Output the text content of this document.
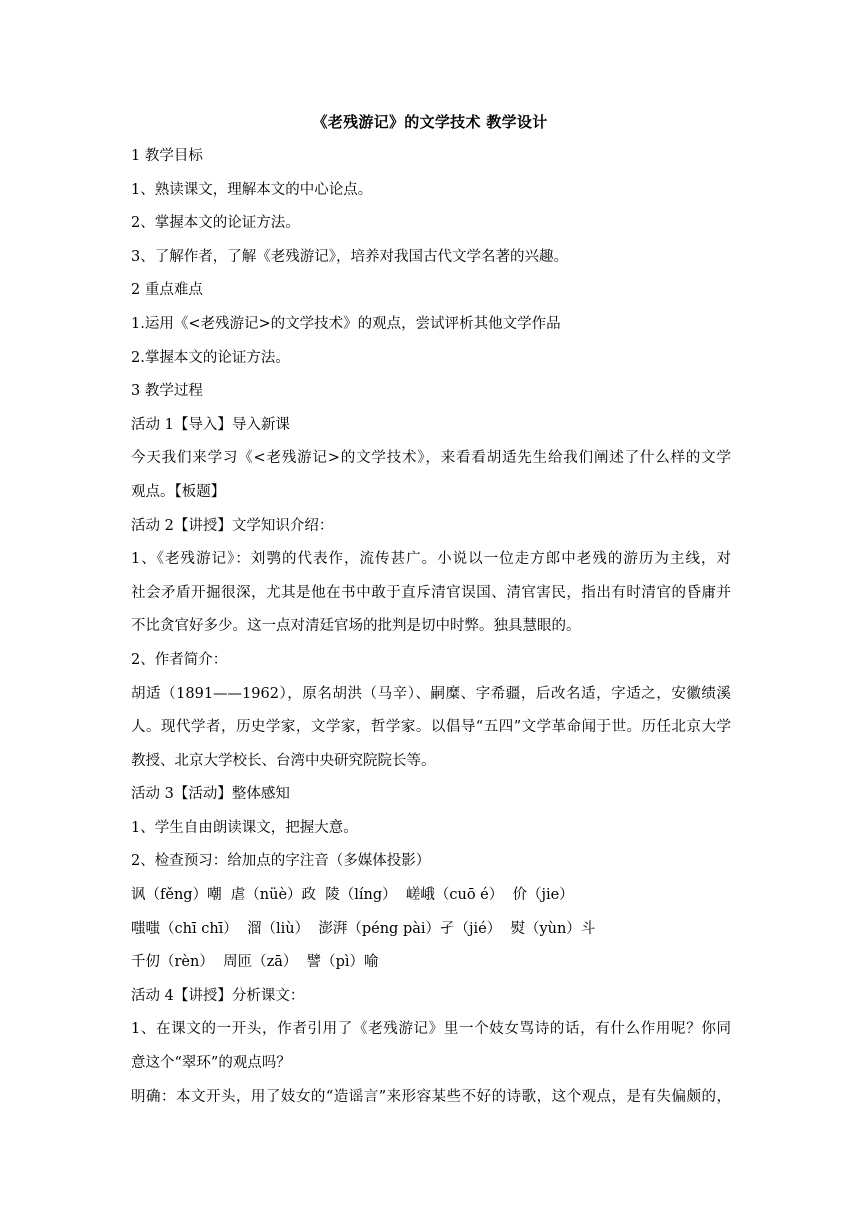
《老残游记》的文学技术 教学设计
1 教学目标
1、熟读课文，理解本文的中心论点。
2、掌握本文的论证方法。
3、了解作者，了解《老残游记》，培养对我国古代文学名著的兴趣。
2 重点难点
1.运用《<老残游记>的文学技术》的观点，尝试评析其他文学作品
2.掌握本文的论证方法。
3 教学过程
活动 1【导入】导入新课
今天我们来学习《<老残游记>的文学技术》，来看看胡适先生给我们阐述了什么样的文学
观点。【板题】
活动 2【讲授】文学知识介绍：
1、《老残游记》：刘鹗的代表作，流传甚广。小说以一位走方郎中老残的游历为主线，对
社会矛盾开掘很深，尤其是他在书中敢于直斥清官误国、清官害民，指出有时清官的昏庸并
不比贪官好多少。这一点对清廷官场的批判是切中时弊。独具慧眼的。
2、作者简介：
胡适（1891——1962），原名胡洪（马辛）、嗣糜、字希疆，后改名适，字适之，安徽绩溪
人。现代学者，历史学家，文学家，哲学家。以倡导“五四”文学革命闻于世。历任北京大学
教授、北京大学校长、台湾中央研究院院长等。
活动 3【活动】整体感知
1、学生自由朗读课文，把握大意。
2、检查预习：给加点的字注音（多媒体投影）
讽（fěng）嘲  虐（nüè）政  陵（líng）  嵯峨（cuō é）  价（jie）
嗤嗤（chī chī）  溜（liù）  澎湃（péng pài）孑（jié）  熨（yùn）斗
千仞（rèn）  周匝（zā）  譬（pì）喻
活动 4【讲授】分析课文：
1、在课文的一开头，作者引用了《老残游记》里一个妓女骂诗的话，有什么作用呢？你同
意这个“翠环”的观点吗？
明确：本文开头，用了妓女的“造谣言”来形容某些不好的诗歌，这个观点，是有失偏颇的，
